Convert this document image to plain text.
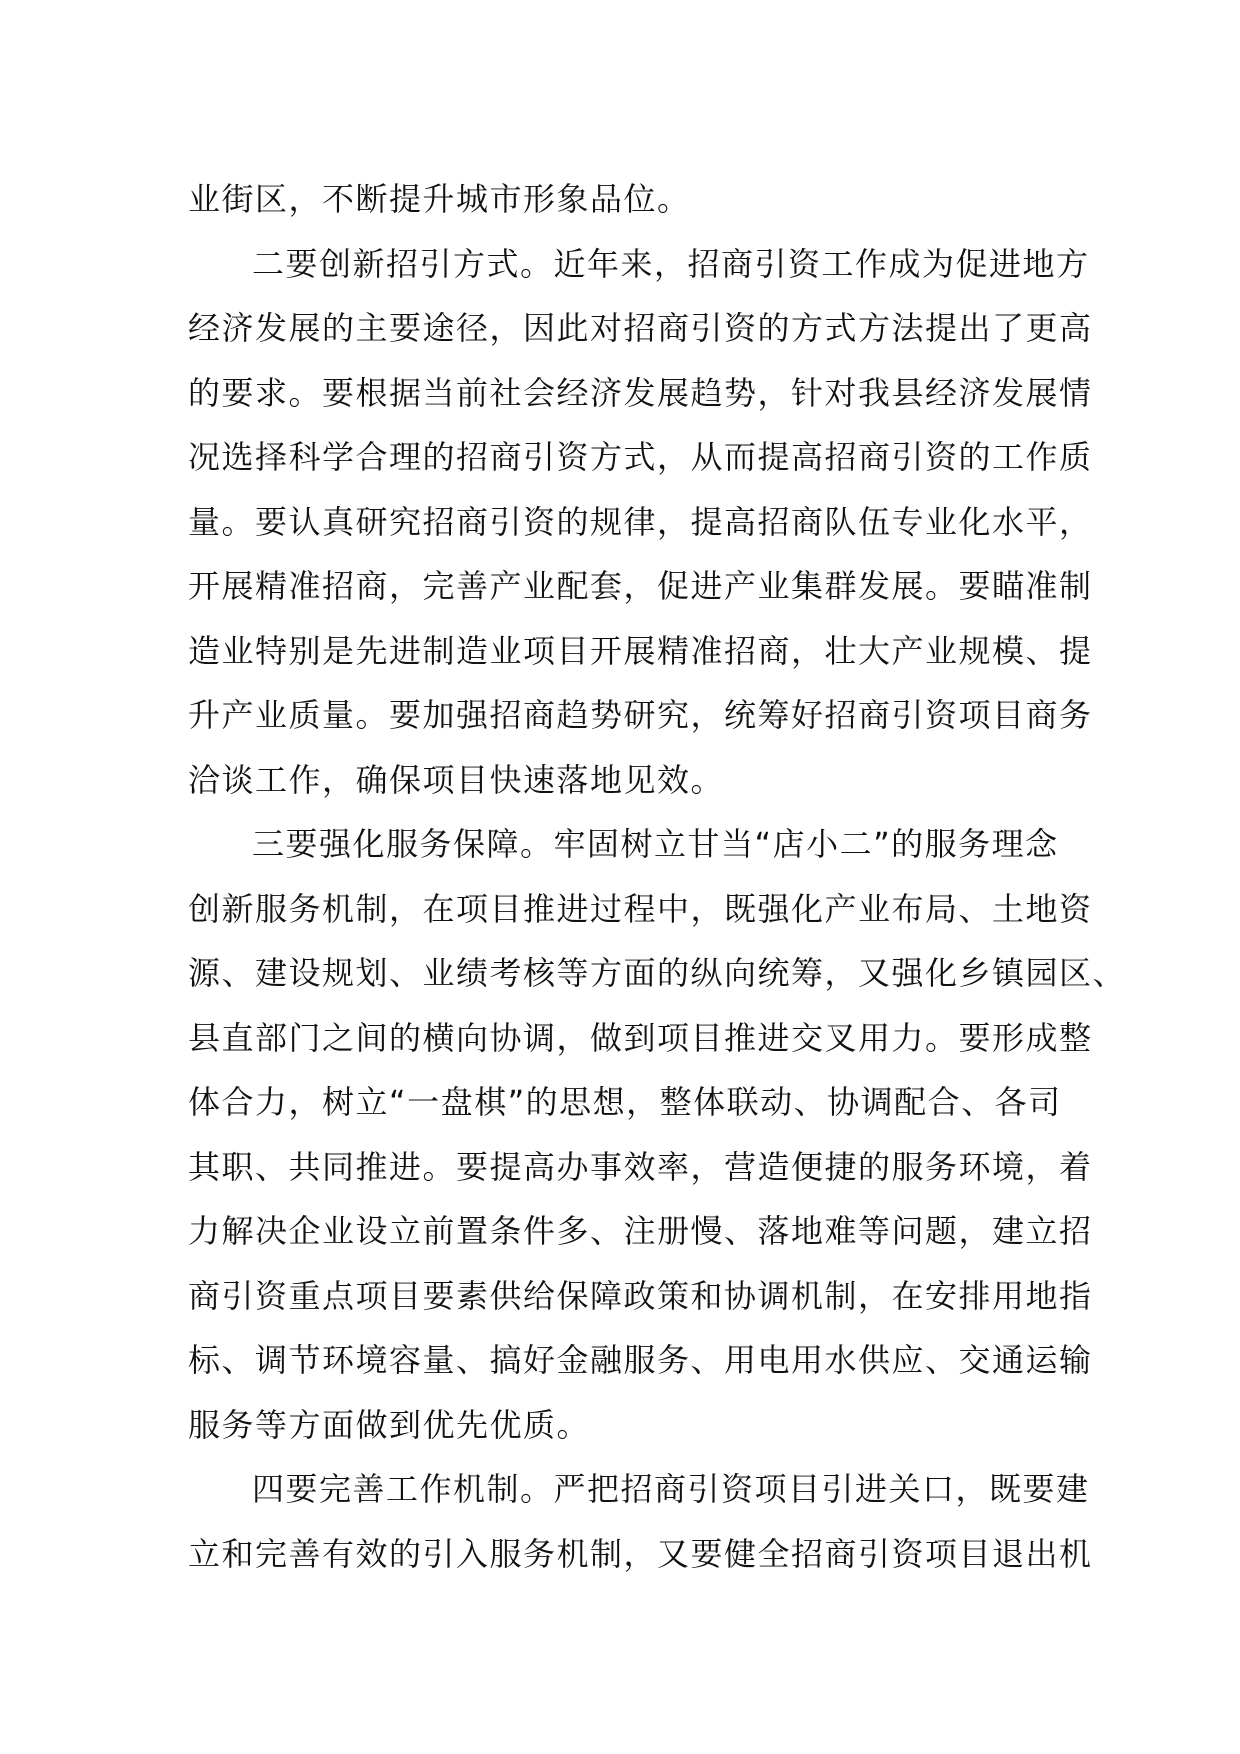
业街区，不断提升城市形象品位。
二要创新招引方式。近年来，招商引资工作成为促进地方
经济发展的主要途径，因此对招商引资的方式方法提出了更高
的要求。要根据当前社会经济发展趋势，针对我县经济发展情
况选择科学合理的招商引资方式，从而提高招商引资的工作质
量。要认真研究招商引资的规律，提高招商队伍专业化水平，
开展精准招商，完善产业配套，促进产业集群发展。要瞄准制
造业特别是先进制造业项目开展精准招商，壮大产业规模、提
升产业质量。要加强招商趋势研究，统筹好招商引资项目商务
洽谈工作，确保项目快速落地见效。
三要强化服务保障。牢固树立甘当“店小二”的服务理念
创新服务机制，在项目推进过程中，既强化产业布局、土地资
源、建设规划、业绩考核等方面的纵向统筹，又强化乡镇园区、
县直部门之间的横向协调，做到项目推进交叉用力。要形成整
体合力，树立“一盘棋”的思想，整体联动、协调配合、各司
其职、共同推进。要提高办事效率，营造便捷的服务环境，着
力解决企业设立前置条件多、注册慢、落地难等问题，建立招
商引资重点项目要素供给保障政策和协调机制，在安排用地指
标、调节环境容量、搞好金融服务、用电用水供应、交通运输
服务等方面做到优先优质。
四要完善工作机制。严把招商引资项目引进关口，既要建
立和完善有效的引入服务机制，又要健全招商引资项目退出机
